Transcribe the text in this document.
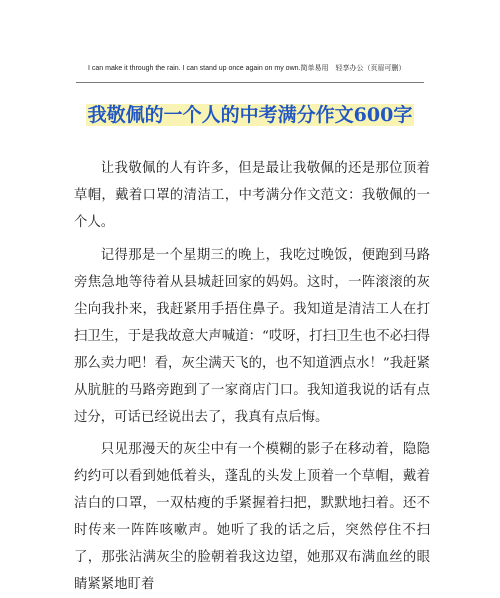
I can make it through the rain. I can stand up once again on my own.简单易用　轻享办公（页眉可删）
我敬佩的一个人的中考满分作文600字

让我敬佩的人有许多，但是最让我敬佩的还是那位顶着草帽，戴着口罩的清洁工，中考满分作文范文：我敬佩的一个人。

记得那是一个星期三的晚上，我吃过晚饭，便跑到马路旁焦急地等待着从县城赶回家的妈妈。这时，一阵滚滚的灰尘向我扑来，我赶紧用手捂住鼻子。我知道是清洁工人在打扫卫生，于是我故意大声喊道：“哎呀，打扫卫生也不必扫得那么卖力吧！看，灰尘满天飞的，也不知道洒点水！”我赶紧从肮脏的马路旁跑到了一家商店门口。我知道我说的话有点过分，可话已经说出去了，我真有点后悔。

只见那漫天的灰尘中有一个模糊的影子在移动着，隐隐约约可以看到她低着头，蓬乱的头发上顶着一个草帽，戴着洁白的口罩，一双枯瘦的手紧握着扫把，默默地扫着。还不时传来一阵阵咳嗽声。她听了我的话之后，突然停住不扫了，那张沾满灰尘的脸朝着我这边望，她那双布满血丝的眼睛紧紧地盯着
